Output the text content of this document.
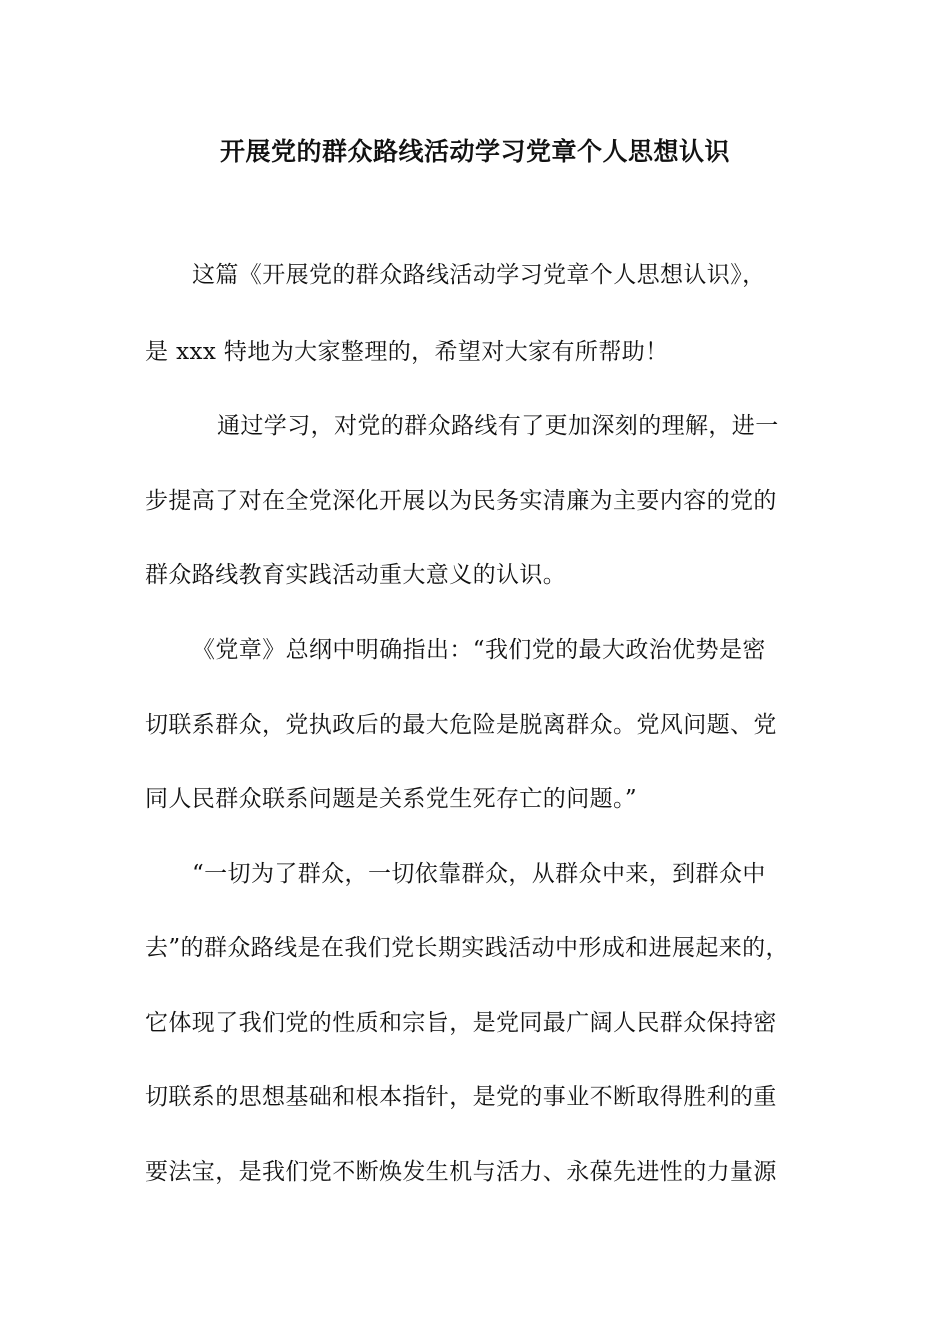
开展党的群众路线活动学习党章个人思想认识
这篇《开展党的群众路线活动学习党章个人思想认识》，
是 xxx 特地为大家整理的，希望对大家有所帮助！
通过学习，对党的群众路线有了更加深刻的理解，进一
步提高了对在全党深化开展以为民务实清廉为主要内容的党的
群众路线教育实践活动重大意义的认识。
《党章》总纲中明确指出：“我们党的最大政治优势是密
切联系群众，党执政后的最大危险是脱离群众。党风问题、党
同人民群众联系问题是关系党生死存亡的问题。”
“一切为了群众，一切依靠群众，从群众中来，到群众中
去”的群众路线是在我们党长期实践活动中形成和进展起来的，
它体现了我们党的性质和宗旨，是党同最广阔人民群众保持密
切联系的思想基础和根本指针，是党的事业不断取得胜利的重
要法宝，是我们党不断焕发生机与活力、永葆先进性的力量源
